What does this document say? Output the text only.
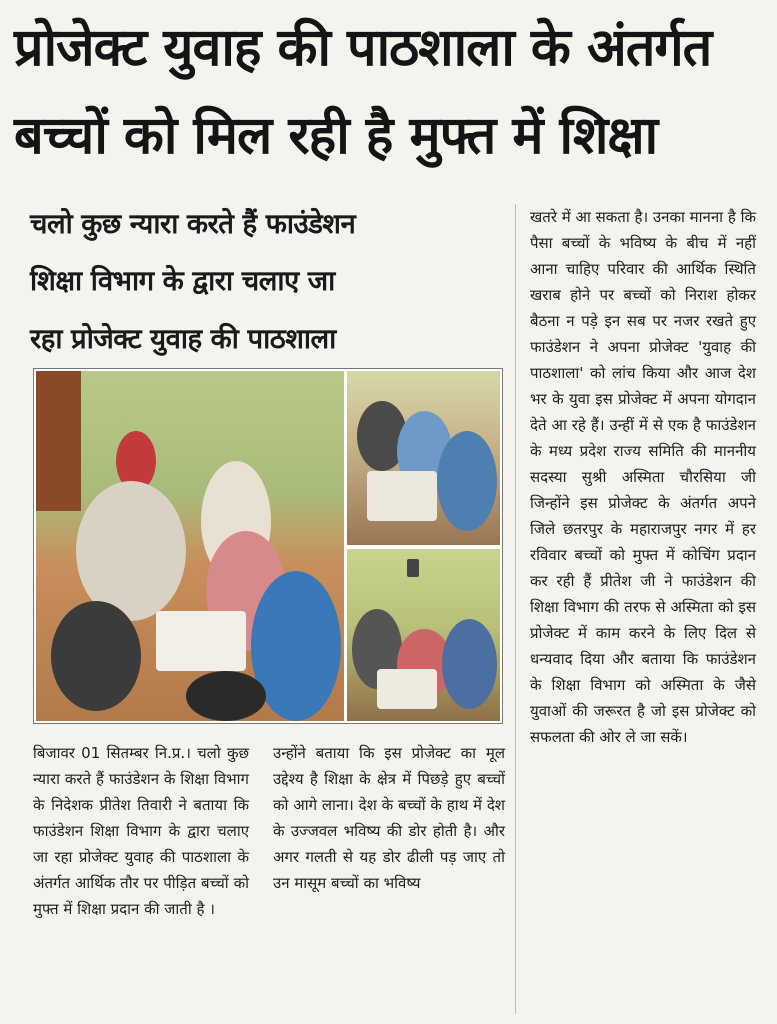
प्रोजेक्ट युवाह की पाठशाला के अंतर्गत
बच्चों को मिल रही है मुफ्त में शिक्षा
चलो कुछ न्यारा करते हैं फाउंडेशन
शिक्षा विभाग के द्वारा चलाए जा
रहा प्रोजेक्ट युवाह की पाठशाला

बिजावर 01 सितम्बर नि.प्र.। चलो कुछ न्यारा करते हैं फाउंडेशन के शिक्षा विभाग के निदेशक प्रीतेश तिवारी ने बताया कि फाउंडेशन शिक्षा विभाग के द्वारा चलाए जा रहा प्रोजेक्ट युवाह की पाठशाला के अंतर्गत आर्थिक तौर पर पीड़ित बच्चों को मुफ्त में शिक्षा प्रदान की जाती है ।

उन्होंने बताया कि इस प्रोजेक्ट का मूल उद्देश्य है शिक्षा के क्षेत्र में पिछड़े हुए बच्चों को आगे लाना। देश के बच्चों के हाथ में देश के उज्जवल भविष्य की डोर होती है। और अगर गलती से यह डोर ढीली पड़ जाए तो उन मासूम बच्चों का भविष्य

खतरे में आ सकता है। उनका मानना है कि पैसा बच्चों के भविष्य के बीच में नहीं आना चाहिए परिवार की आर्थिक स्थिति खराब होने पर बच्चों को निराश होकर बैठना न पड़े इन सब पर नजर रखते हुए फाउंडेशन ने अपना प्रोजेक्ट 'युवाह की पाठशाला' को लांच किया और आज देश भर के युवा इस प्रोजेक्ट में अपना योगदान देते आ रहे हैं। उन्हीं में से एक है फाउंडेशन के मध्य प्रदेश राज्य समिति की माननीय सदस्या सुश्री अस्मिता चौरसिया जी जिन्होंने इस प्रोजेक्ट के अंतर्गत अपने जिले छतरपुर के महाराजपुर नगर में हर रविवार बच्चों को मुफ्त में कोचिंग प्रदान कर रही हैं प्रीतेश जी ने फाउंडेशन की शिक्षा विभाग की तरफ से अस्मिता को इस प्रोजेक्ट में काम करने के लिए दिल से धन्यवाद दिया और बताया कि फाउंडेशन के शिक्षा विभाग को अस्मिता के जैसे युवाओं की जरूरत है जो इस प्रोजेक्ट को सफलता की ओर ले जा सकें।
